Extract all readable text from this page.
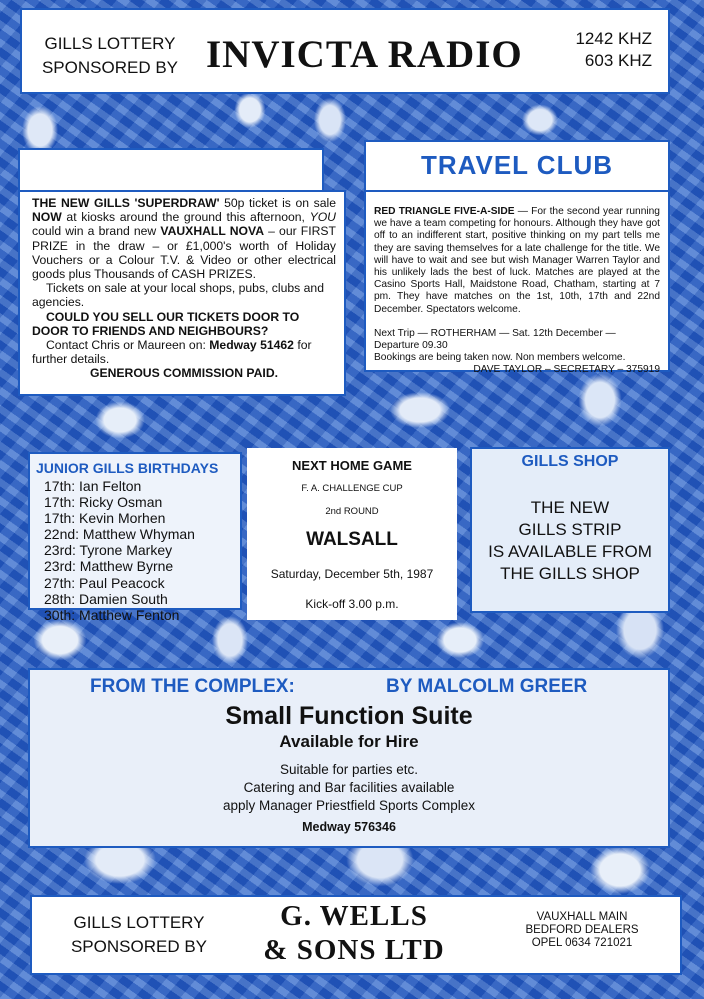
GILLS LOTTERY
SPONSORED BY INVICTA RADIO	1242 KHZ
603 KHZ

THE NEW GILLS 'SUPERDRAW' 50p ticket is on sale NOW at kiosks around the ground this afternoon, YOU could win a brand new VAUXHALL NOVA – our FIRST PRIZE in the draw – or £1,000's worth of Holiday Vouchers or a Colour T.V. & Video or other electrical goods plus Thousands of CASH PRIZES.

Tickets on sale at your local shops, pubs, clubs and agencies.

COULD YOU SELL OUR TICKETS DOOR TO DOOR TO FRIENDS AND NEIGHBOURS?

Contact Chris or Maureen on: Medway 51462 for further details.

GENEROUS COMMISSION PAID.

TRAVEL CLUB

RED TRIANGLE FIVE-A-SIDE — For the second year running we have a team competing for honours. Although they have got off to an indifferent start, positive thinking on my part tells me they are saving themselves for a late challenge for the title. We will have to wait and see but wish Manager Warren Taylor and his unlikely lads the best of luck. Matches are played at the Casino Sports Hall, Maidstone Road, Chatham, starting at 7 pm. They have matches on the 1st, 10th, 17th and 22nd December. Spectators welcome.

Next Trip — ROTHERHAM — Sat. 12th December — Departure 09.30

Bookings are being taken now. Non members welcome.

DAVE TAYLOR – SECRETARY – 375919

JUNIOR GILLS BIRTHDAYS
17th: Ian Felton
17th: Ricky Osman
17th: Kevin Morhen
22nd: Matthew Whyman
23rd: Tyrone Markey
23rd: Matthew Byrne
27th: Paul Peacock
28th: Damien South
30th: Matthew Fenton
NEXT HOME GAME
F. A. CHALLENGE CUP
2nd ROUND
WALSALL
Saturday, December 5th, 1987
Kick-off 3.00 p.m.
GILLS SHOP
THE NEW
GILLS STRIP
IS AVAILABLE FROM
THE GILLS SHOP
FROM THE COMPLEX:	BY MALCOLM GREER
Small Function Suite
Available for Hire
Suitable for parties etc.
Catering and Bar facilities available
apply Manager Priestfield Sports Complex
Medway 576346
GILLS LOTTERY
SPONSORED BY
G. WELLS
& SONS LTD
VAUXHALL MAIN
BEDFORD DEALERS
OPEL 0634 721021
